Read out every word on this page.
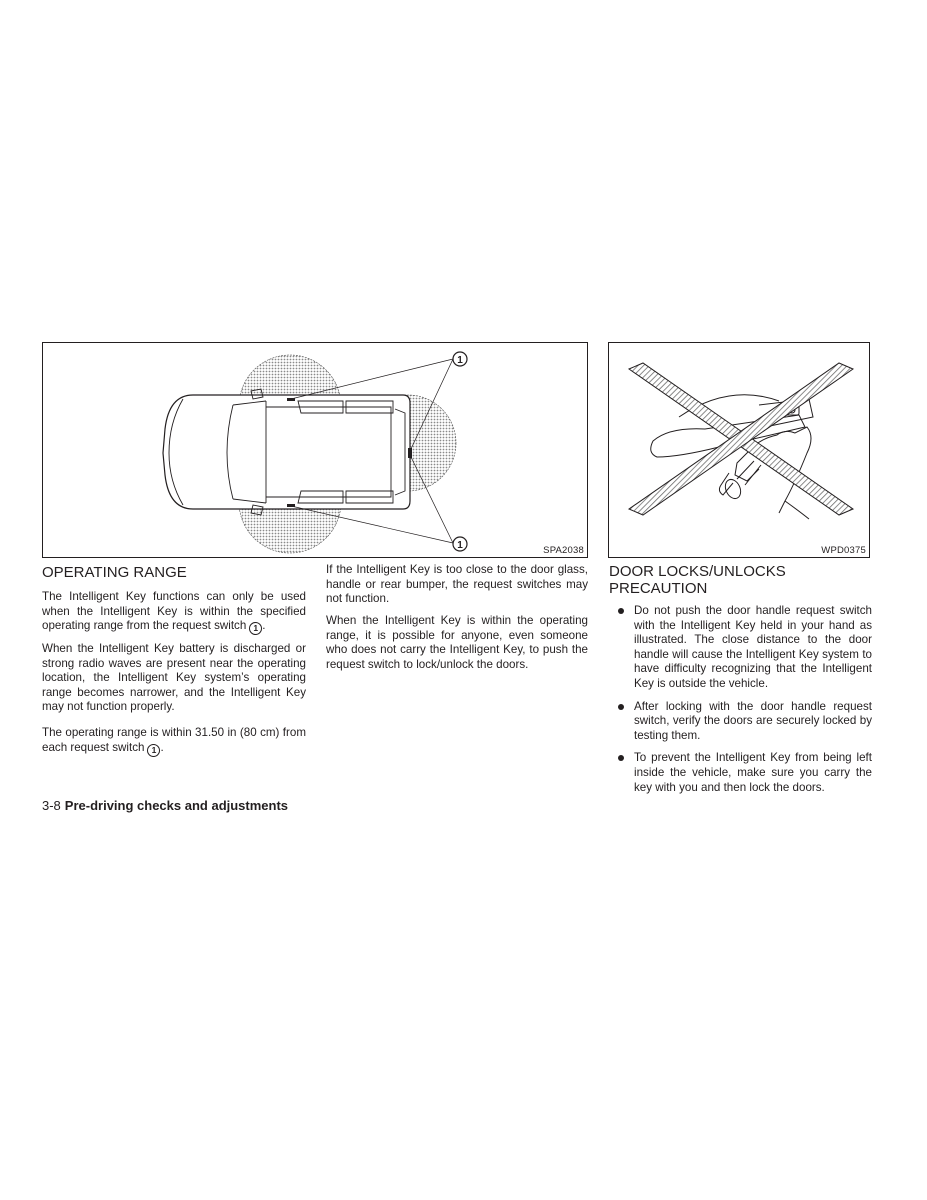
1
1	SPA2038	WPD0375
OPERATING RANGE

The Intelligent Key functions can only be used when the Intelligent Key is within the specified operating range from the request switch 1 .

When the Intelligent Key battery is discharged or strong radio waves are present near the operating location, the Intelligent Key system’s operating range becomes narrower, and the Intelligent Key may not function properly.

The operating range is within 31.50 in (80 cm) from each request switch 1 .

If the Intelligent Key is too close to the door glass, handle or rear bumper, the request switches may not function.

When the Intelligent Key is within the operating range, it is possible for anyone, even someone who does not carry the Intelligent Key, to push the request switch to lock/unlock the doors.

DOOR LOCKS/UNLOCKS PRECAUTION
Do not push the door handle request switch with the Intelligent Key held in your hand as illustrated. The close distance to the door handle will cause the Intelligent Key system to have difficulty recognizing that the Intelligent Key is outside the vehicle.
After locking with the door handle request switch, verify the doors are securely locked by testing them.
To prevent the Intelligent Key from being left inside the vehicle, make sure you carry the key with you and then lock the doors.
3-8 Pre-driving checks and adjustments
